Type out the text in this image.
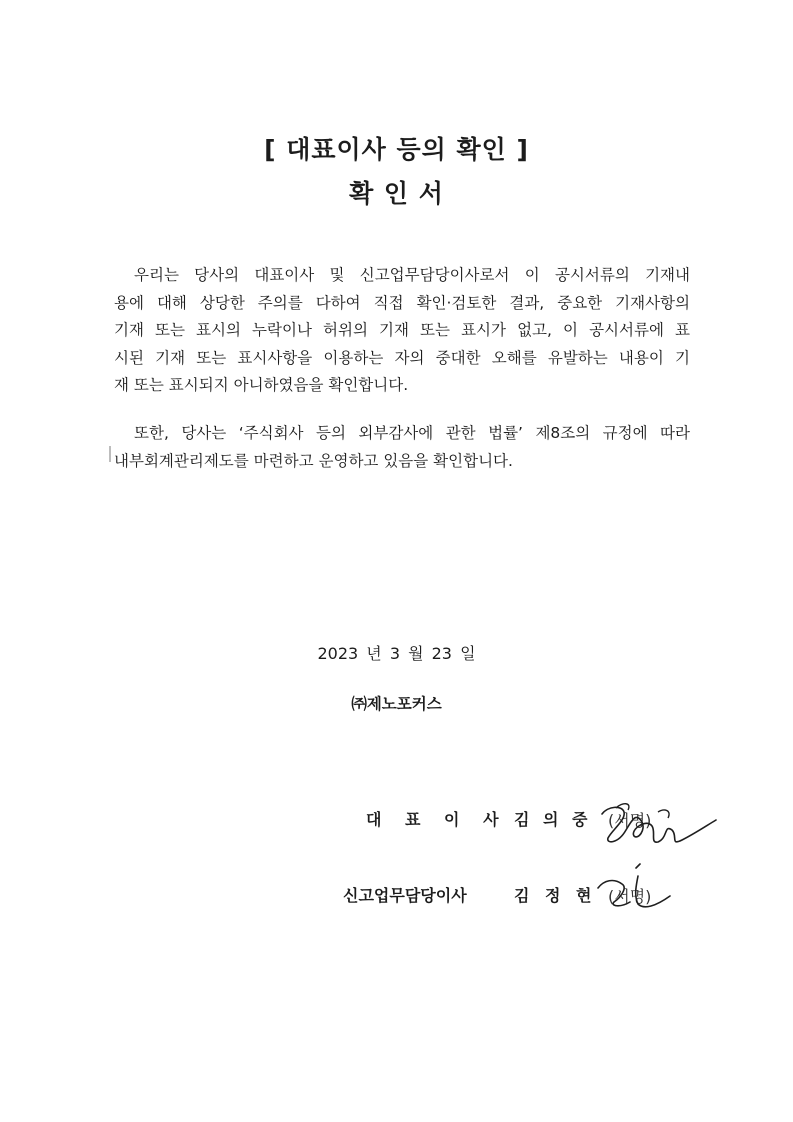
[ 대표이사 등의 확인 ]
확 인 서
우리는 당사의 대표이사 및 신고업무담당이사로서 이 공시서류의 기재내
용에 대해 상당한 주의를 다하여 직접 확인·검토한 결과, 중요한 기재사항의
기재 또는 표시의 누락이나 허위의 기재 또는 표시가 없고, 이 공시서류에 표
시된 기재 또는 표시사항을 이용하는 자의 중대한 오해를 유발하는 내용이 기
재 또는 표시되지 아니하였음을 확인합니다.
또한, 당사는 ‘주식회사 등의 외부감사에 관한 법률’ 제8조의 규정에 따라
내부회계관리제도를 마련하고 운영하고 있음을 확인합니다.
2023 년 3 월 23 일
㈜제노포커스
대 표 이 사 김 의 중 (서명)
신고업무담당이사	김 정 현 (서명)
